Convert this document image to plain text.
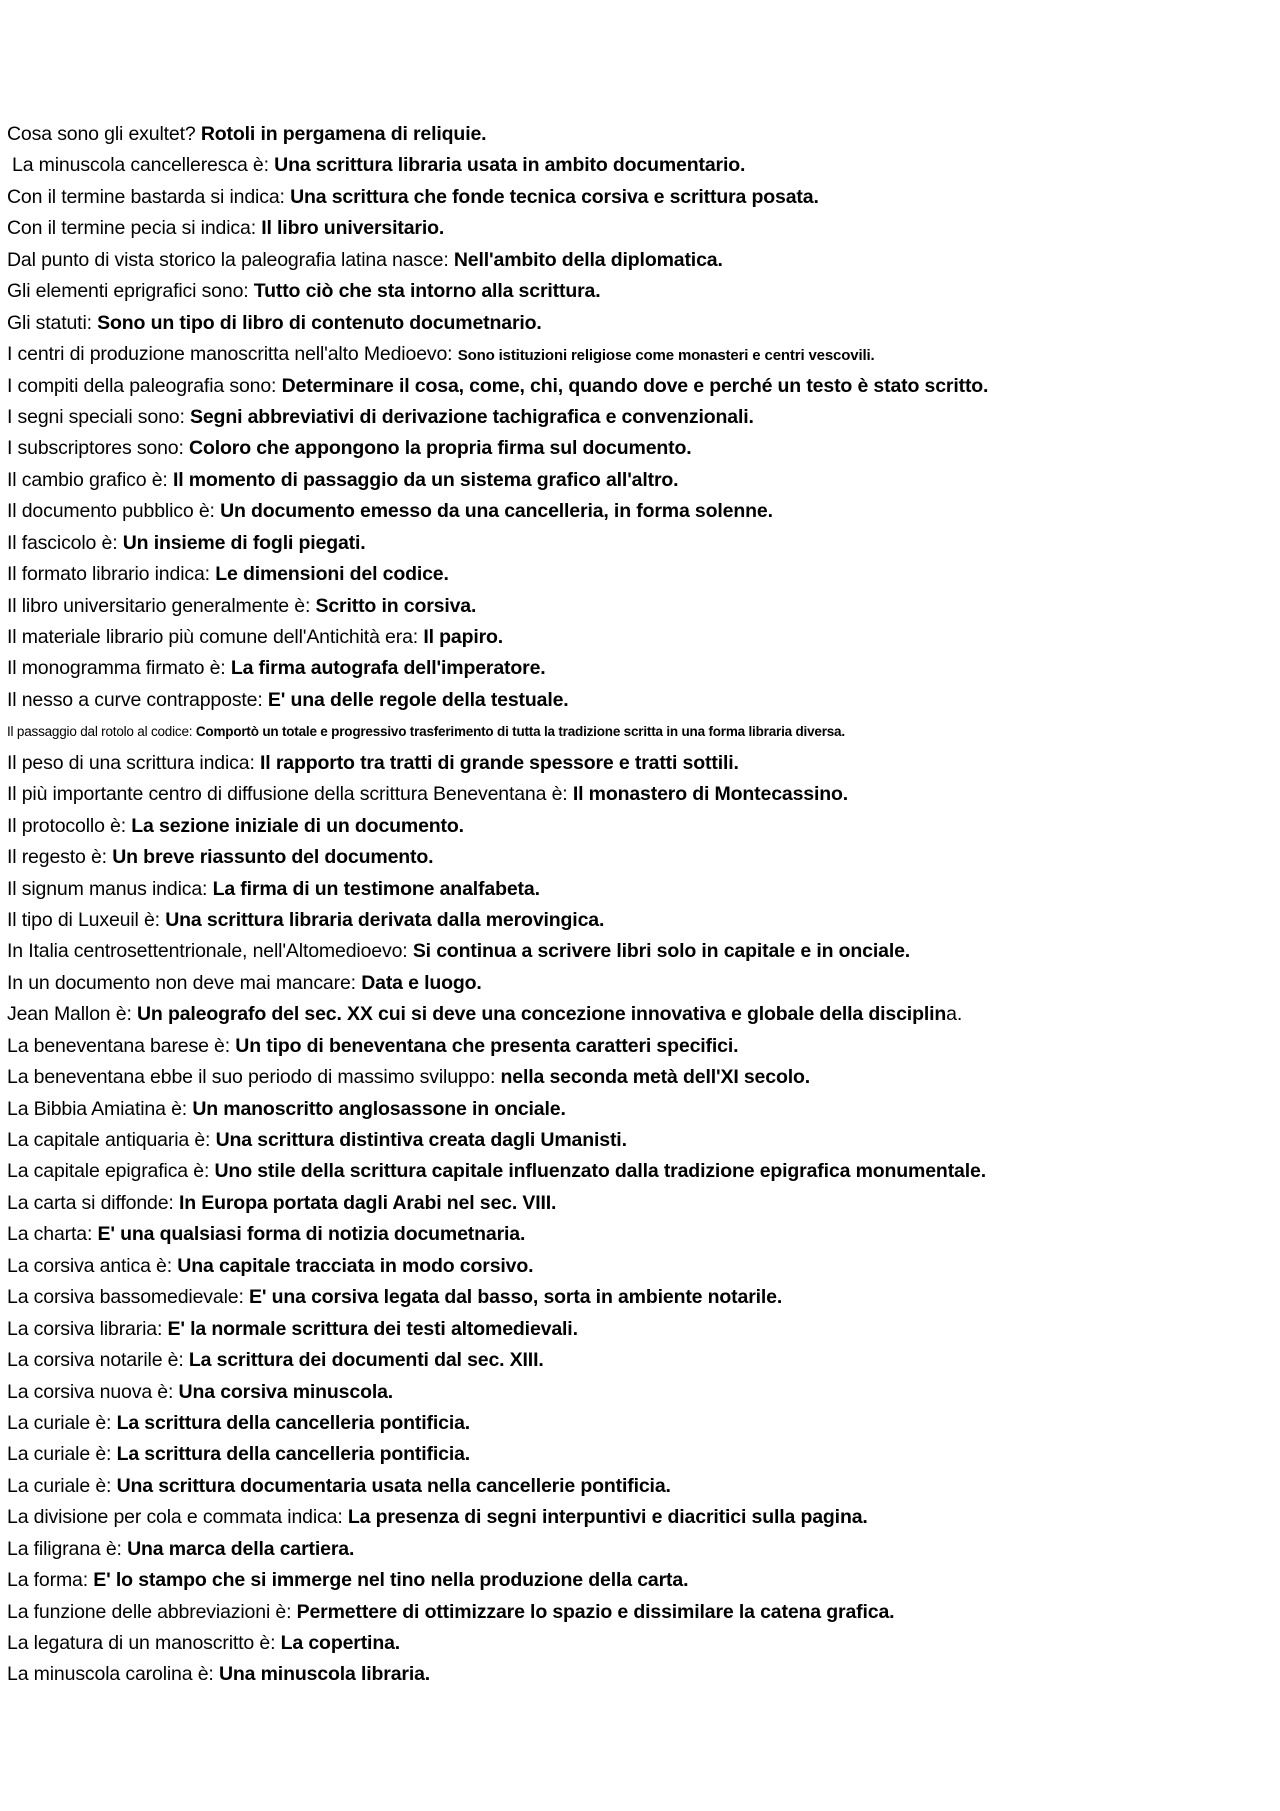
Cosa sono gli exultet? Rotoli in pergamena di reliquie.
La minuscola cancelleresca è: Una scrittura libraria usata in ambito documentario.
Con il termine bastarda si indica: Una scrittura che fonde tecnica corsiva e scrittura posata.
Con il termine pecia si indica: Il libro universitario.
Dal punto di vista storico la paleografia latina nasce: Nell'ambito della diplomatica.
Gli elementi eprigrafici sono: Tutto ciò che sta intorno alla scrittura.
Gli statuti: Sono un tipo di libro di contenuto documetnario.
I centri di produzione manoscritta nell'alto Medioevo: Sono istituzioni religiose come monasteri e centri vescovili.
I compiti della paleografia sono: Determinare il cosa, come, chi, quando dove e perché un testo è stato scritto.
I segni speciali sono: Segni abbreviativi di derivazione tachigrafica e convenzionali.
I subscriptores sono: Coloro che appongono la propria firma sul documento.
Il cambio grafico è: Il momento di passaggio da un sistema grafico all'altro.
Il documento pubblico è: Un documento emesso da una cancelleria, in forma solenne.
Il fascicolo è: Un insieme di fogli piegati.
Il formato librario indica: Le dimensioni del codice.
Il libro universitario generalmente è: Scritto in corsiva.
Il materiale librario più comune dell'Antichità era: Il papiro.
Il monogramma firmato è: La firma autografa dell'imperatore.
Il nesso a curve contrapposte: E' una delle regole della testuale.
Il passaggio dal rotolo al codice: Comportò un totale e progressivo trasferimento di tutta la tradizione scritta in una forma libraria diversa.
Il peso di una scrittura indica: Il rapporto tra tratti di grande spessore e tratti sottili.
Il più importante centro di diffusione della scrittura Beneventana è: Il monastero di Montecassino.
Il protocollo è: La sezione iniziale di un documento.
Il regesto è: Un breve riassunto del documento.
Il signum manus indica: La firma di un testimone analfabeta.
Il tipo di Luxeuil è: Una scrittura libraria derivata dalla merovingica.
In Italia centrosettentrionale, nell'Altomedioevo: Si continua a scrivere libri solo in capitale e in onciale.
In un documento non deve mai mancare: Data e luogo.
Jean Mallon è: Un paleografo del sec. XX cui si deve una concezione innovativa e globale della disciplina.
La beneventana barese è: Un tipo di beneventana che presenta caratteri specifici.
La beneventana ebbe il suo periodo di massimo sviluppo: nella seconda metà dell'XI secolo.
La Bibbia Amiatina è: Un manoscritto anglosassone in onciale.
La capitale antiquaria è: Una scrittura distintiva creata dagli Umanisti.
La capitale epigrafica è: Uno stile della scrittura capitale influenzato dalla tradizione epigrafica monumentale.
La carta si diffonde: In Europa portata dagli Arabi nel sec. VIII.
La charta: E' una qualsiasi forma di notizia documetnaria.
La corsiva antica è: Una capitale tracciata in modo corsivo.
La corsiva bassomedievale: E' una corsiva legata dal basso, sorta in ambiente notarile.
La corsiva libraria: E' la normale scrittura dei testi altomedievali.
La corsiva notarile è: La scrittura dei documenti dal sec. XIII.
La corsiva nuova è: Una corsiva minuscola.
La curiale è: La scrittura della cancelleria pontificia.
La curiale è: La scrittura della cancelleria pontificia.
La curiale è: Una scrittura documentaria usata nella cancellerie pontificia.
La divisione per cola e commata indica: La presenza di segni interpuntivi e diacritici sulla pagina.
La filigrana è: Una marca della cartiera.
La forma: E' lo stampo che si immerge nel tino nella produzione della carta.
La funzione delle abbreviazioni è: Permettere di ottimizzare lo spazio e dissimilare la catena grafica.
La legatura di un manoscritto è: La copertina.
La minuscola carolina è: Una minuscola libraria.
